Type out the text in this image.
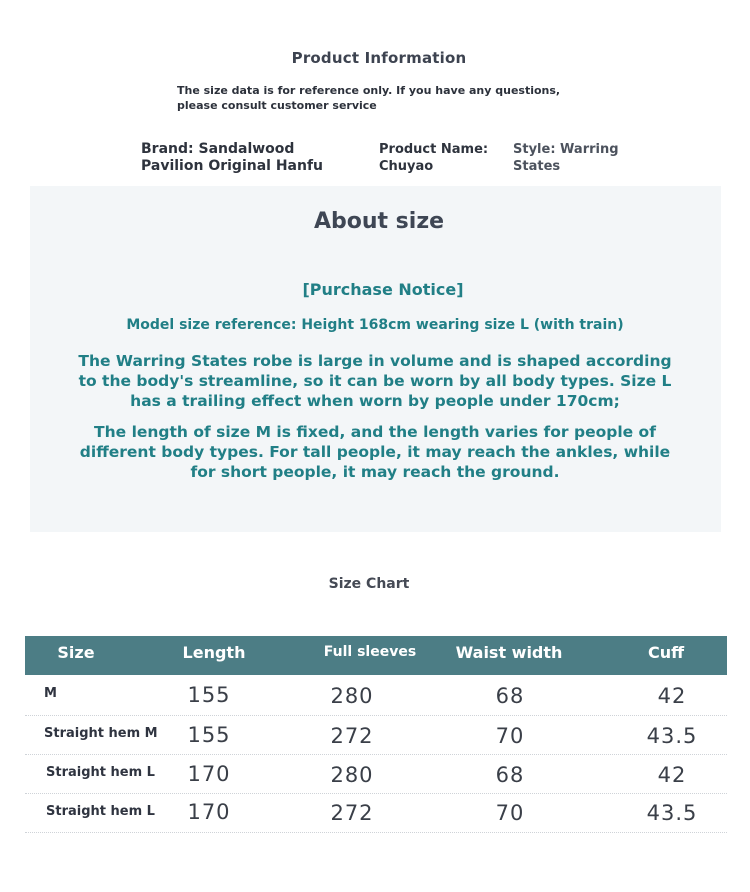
Product Information
The size data is for reference only. If you have any questions, please consult customer service
Brand: Sandalwood Pavilion Original Hanfu
Product Name: Chuyao
Style: Warring States
About size
[Purchase Notice]
Model size reference: Height 168cm wearing size L (with train)
The Warring States robe is large in volume and is shaped according to the body's streamline, so it can be worn by all body types. Size L has a trailing effect when worn by people under 170cm;
The length of size M is fixed, and the length varies for people of different body types. For tall people, it may reach the ankles, while for short people, it may reach the ground.
Size Chart
Size	Length	Full sleeves	Waist width	Cuff
M	155	280	68	42
Straight hem M	155	272	70	43.5
Straight hem L	170	280	68	42
Straight hem L	170	272	70	43.5
